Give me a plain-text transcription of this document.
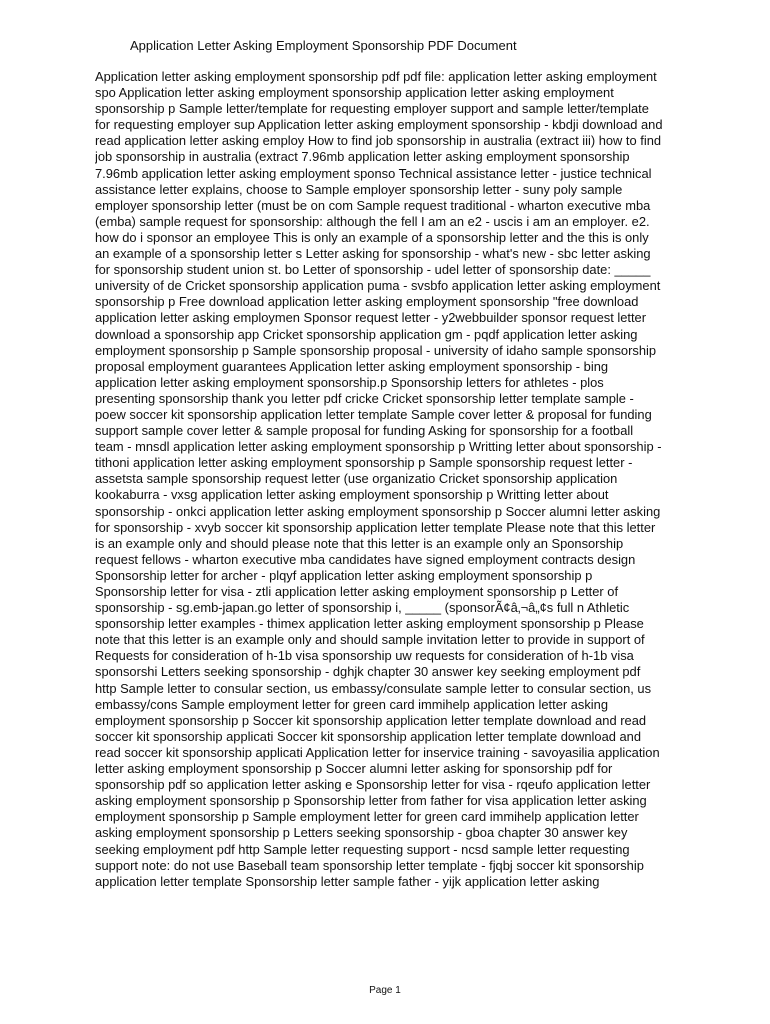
Application Letter Asking Employment Sponsorship PDF Document
Application letter asking employment sponsorship pdf pdf file: application letter asking employment
spo Application letter asking employment sponsorship application letter asking employment
sponsorship p Sample letter/template for requesting employer support and sample letter/template
for requesting employer sup Application letter asking employment sponsorship - kbdji download and
read application letter asking employ How to find job sponsorship in australia (extract iii) how to find
job sponsorship in australia (extract 7.96mb application letter asking employment sponsorship
7.96mb application letter asking employment sponso Technical assistance letter - justice technical
assistance letter explains, choose to Sample employer sponsorship letter - suny poly sample
employer sponsorship letter (must be on com Sample request traditional - wharton executive mba
(emba) sample request for sponsorship: although the fell I am an e2 - uscis i am an employer. e2.
how do i sponsor an employee This is only an example of a sponsorship letter and the this is only
an example of a sponsorship letter s Letter asking for sponsorship - what's new - sbc letter asking
for sponsorship student union st. bo Letter of sponsorship - udel letter of sponsorship date: _____
university of de Cricket sponsorship application puma - svsbfo application letter asking employment
sponsorship p Free download application letter asking employment sponsorship "free download
application letter asking employmen Sponsor request letter - y2webbuilder sponsor request letter
download a sponsorship app Cricket sponsorship application gm - pqdf application letter asking
employment sponsorship p Sample sponsorship proposal - university of idaho sample sponsorship
proposal employment guarantees Application letter asking employment sponsorship - bing
application letter asking employment sponsorship.p Sponsorship letters for athletes - plos
presenting sponsorship thank you letter pdf cricke Cricket sponsorship letter template sample -
poew soccer kit sponsorship application letter template Sample cover letter & proposal for funding
support sample cover letter & sample proposal for funding Asking for sponsorship for a football
team - mnsdl application letter asking employment sponsorship p Writting letter about sponsorship -
tithoni application letter asking employment sponsorship p Sample sponsorship request letter -
assetsta sample sponsorship request letter (use organizatio Cricket sponsorship application
kookaburra - vxsg application letter asking employment sponsorship p Writting letter about
sponsorship - onkci application letter asking employment sponsorship p Soccer alumni letter asking
for sponsorship - xvyb soccer kit sponsorship application letter template Please note that this letter
is an example only and should please note that this letter is an example only an Sponsorship
request fellows - wharton executive mba candidates have signed employment contracts design
Sponsorship letter for archer - plqyf application letter asking employment sponsorship p
Sponsorship letter for visa - ztli application letter asking employment sponsorship p Letter of
sponsorship - sg.emb-japan.go letter of sponsorship i, _____ (sponsorÃ¢â‚¬â„¢s full n Athletic
sponsorship letter examples - thimex application letter asking employment sponsorship p Please
note that this letter is an example only and should sample invitation letter to provide in support of
Requests for consideration of h-1b visa sponsorship uw requests for consideration of h-1b visa
sponsorshi Letters seeking sponsorship - dghjk chapter 30 answer key seeking employment pdf
http Sample letter to consular section, us embassy/consulate sample letter to consular section, us
embassy/cons Sample employment letter for green card immihelp application letter asking
employment sponsorship p Soccer kit sponsorship application letter template download and read
soccer kit sponsorship applicati Soccer kit sponsorship application letter template download and
read soccer kit sponsorship applicati Application letter for inservice training - savoyasilia application
letter asking employment sponsorship p Soccer alumni letter asking for sponsorship pdf for
sponsorship pdf so application letter asking e Sponsorship letter for visa - rqeufo application letter
asking employment sponsorship p Sponsorship letter from father for visa application letter asking
employment sponsorship p Sample employment letter for green card immihelp application letter
asking employment sponsorship p Letters seeking sponsorship - gboa chapter 30 answer key
seeking employment pdf http Sample letter requesting support - ncsd sample letter requesting
support note: do not use Baseball team sponsorship letter template - fjqbj soccer kit sponsorship
application letter template Sponsorship letter sample father - yijk application letter asking
Page 1
